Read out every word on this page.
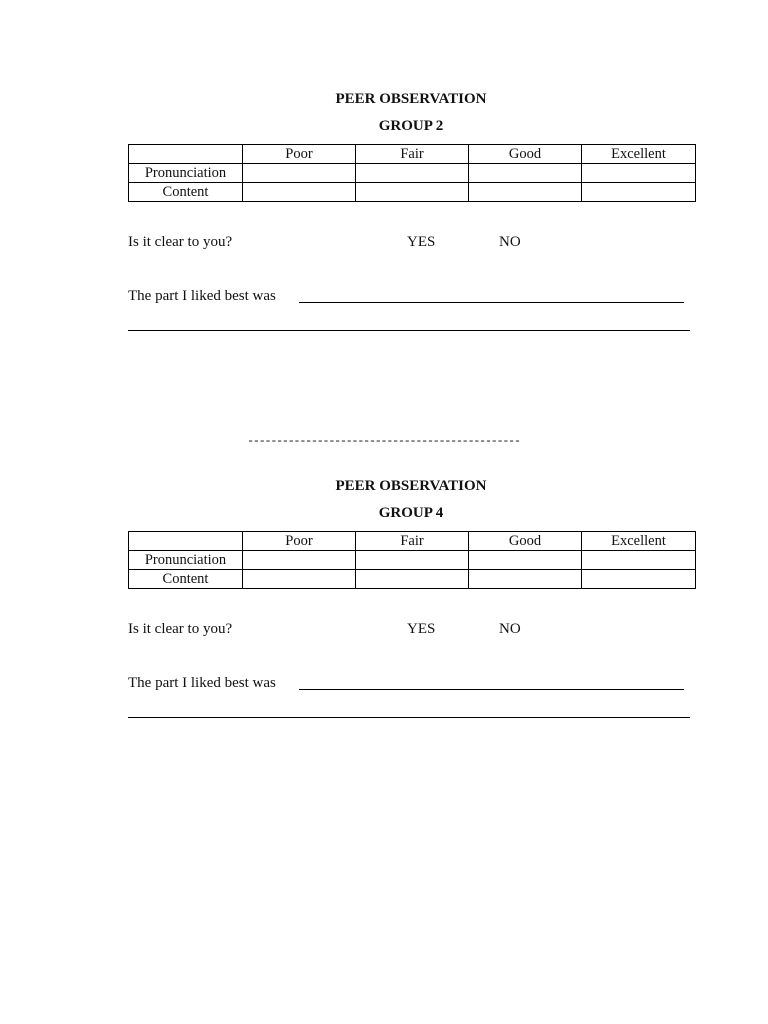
PEER OBSERVATION
GROUP 2
	Poor	Fair	Good	Excellent
Pronunciation				
Content				
Is it clear to you?	YES	NO
The part I liked best was
-----------------------------------------------
PEER OBSERVATION
GROUP 4
	Poor	Fair	Good	Excellent
Pronunciation				
Content				
Is it clear to you?	YES	NO
The part I liked best was
